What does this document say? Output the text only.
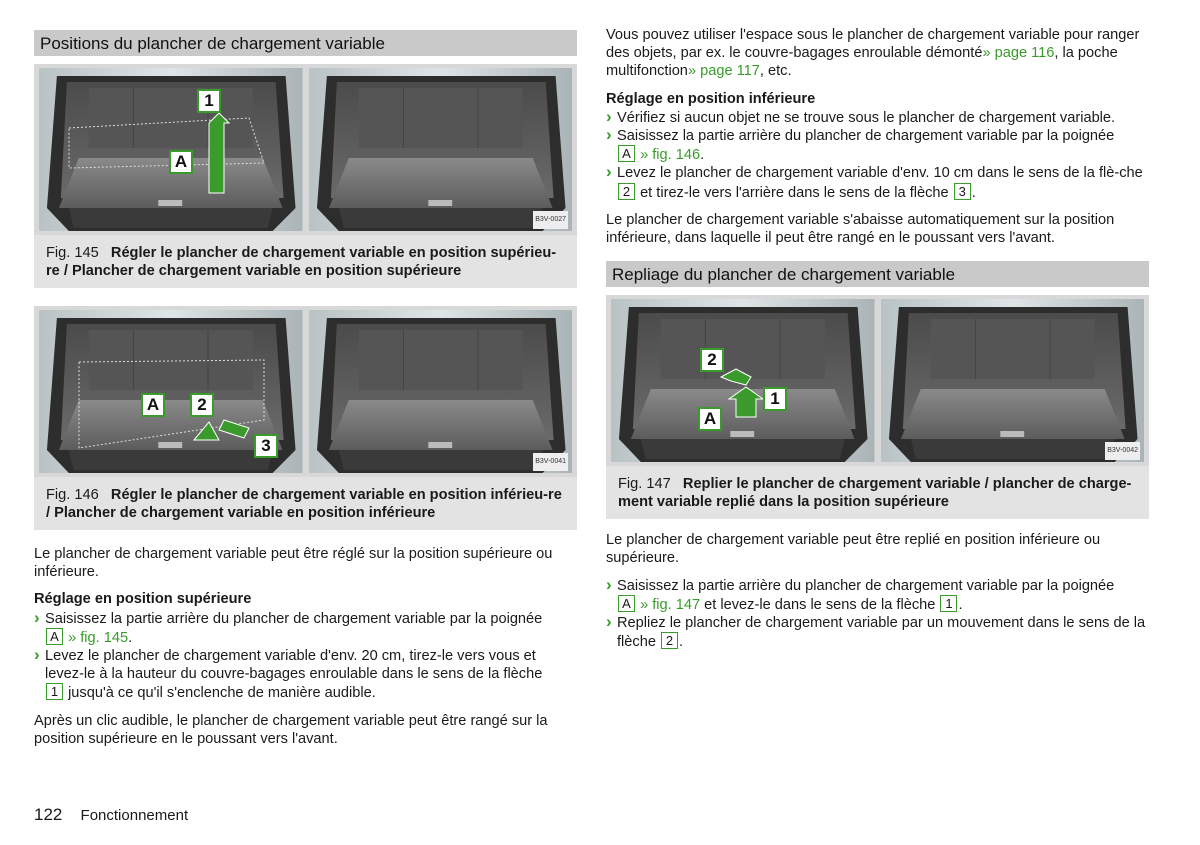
Positions du plancher de chargement variable
1
A
B3V-0027
Fig. 145 Régler le plancher de chargement variable en position supérieu-re / Plancher de chargement variable en position supérieure
A	2
3
B3V-0041
Fig. 146 Régler le plancher de chargement variable en position inférieu-re / Plancher de chargement variable en position inférieure

Le plancher de chargement variable peut être réglé sur la position supérieure ou inférieure.

Réglage en position supérieure
› Saisissez la partie arrière du plancher de chargement variable par la poignée
A » fig. 145.
› Levez le plancher de chargement variable d'env. 20 cm, tirez-le vers vous et levez-le à la hauteur du couvre-bagages enroulable dans le sens de la flèche
1 jusqu'à ce qu'il s'enclenche de manière audible.

Après un clic audible, le plancher de chargement variable peut être rangé sur la position supérieure en le poussant vers l'avant.

Vous pouvez utiliser l'espace sous le plancher de chargement variable pour ranger des objets, par ex. le couvre-bagages enroulable démonté» page 116, la poche multifonction» page 117, etc.

Réglage en position inférieure
› Vérifiez si aucun objet ne se trouve sous le plancher de chargement variable.
› Saisissez la partie arrière du plancher de chargement variable par la poignée
A » fig. 146.
› Levez le plancher de chargement variable d'env. 10 cm dans le sens de la flè-che 2 et tirez-le vers l'arrière dans le sens de la flèche 3 .

Le plancher de chargement variable s'abaisse automatiquement sur la position inférieure, dans laquelle il peut être rangé en le poussant vers l'avant.

Repliage du plancher de chargement variable
2
1
A
B3V-0042
Fig. 147 Replier le plancher de chargement variable / plancher de charge-ment variable replié dans la position supérieure

Le plancher de chargement variable peut être replié en position inférieure ou supérieure.

› Saisissez la partie arrière du plancher de chargement variable par la poignée
A » fig. 147 et levez-le dans le sens de la flèche 1 .
› Repliez le plancher de chargement variable par un mouvement dans le sens de la flèche 2 .
122 Fonctionnement
